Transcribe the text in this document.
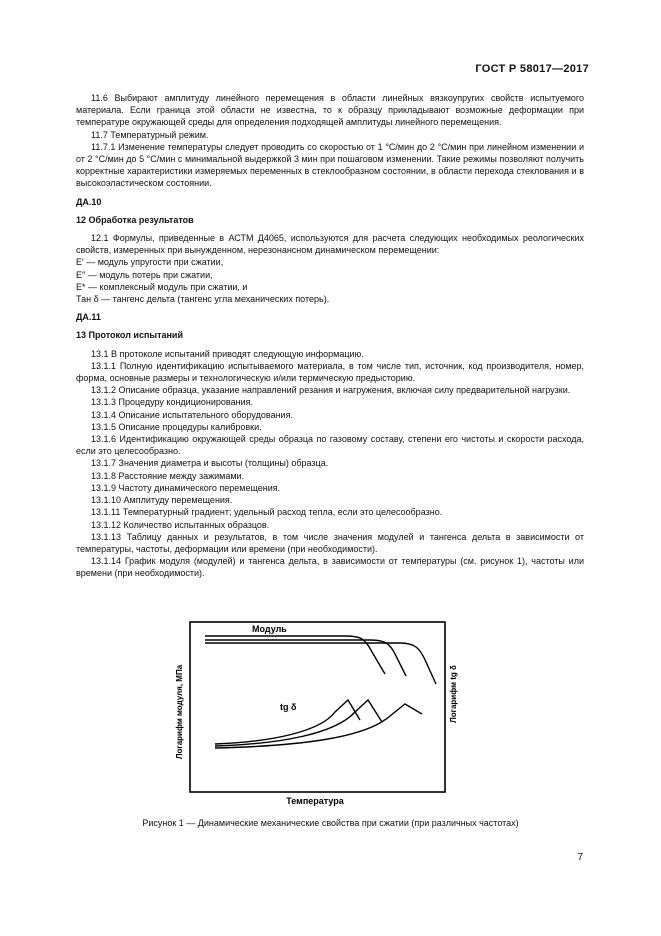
ГОСТ Р 58017—2017

11.6 Выбирают амплитуду линейного перемещения в области линейных вязкоупругих свойств испытуемого материала. Если граница этой области не известна, то к образцу прикладывают возможные деформации при температуре окружающей среды для определения подходящей амплитуды линейного перемещения.

11.7 Температурный режим.

11.7.1 Изменение температуры следует проводить со скоростью от 1 °С/мин до 2 °С/мин при линейном изменении и от 2 °С/мин до 5 °С/мин с минимальной выдержкой 3 мин при пошаговом изменении. Такие режимы позволяют получить корректные характеристики измеряемых переменных в стеклообразном состоянии, в области перехода стеклования и в высокоэластическом состоянии.

ДА.10

12 Обработка результатов

12.1 Формулы, приведенные в АСТМ Д4065, используются для расчета следующих необходимых реологических свойств, измеренных при вынужденном, нерезонансном динамическом перемещении:

E′ — модуль упругости при сжатии,

E″ — модуль потерь при сжатии,

E* — комплексный модуль при сжатии, и

Тан δ — тангенс дельта (тангенс угла механических потерь).

ДА.11

13 Протокол испытаний

13.1 В протоколе испытаний приводят следующую информацию.

13.1.1 Полную идентификацию испытываемого материала, в том числе тип, источник, код производителя, номер, форма, основные размеры и технологическую и/или термическую предысторию.

13.1.2 Описание образца, указание направлений резания и нагружения, включая силу предварительной нагрузки.

13.1.3 Процедуру кондиционирования.

13.1.4 Описание испытательного оборудования.

13.1.5 Описание процедуры калибровки.

13.1.6 Идентификацию окружающей среды образца по газовому составу, степени его чистоты и скорости расхода, если это целесообразно.

13.1.7 Значения диаметра и высоты (толщины) образца.

13.1.8 Расстояние между зажимами.

13.1.9 Частоту динамического перемещения.

13.1.10 Амплитуду перемещения.

13.1.11 Температурный градиент; удельный расход тепла, если это целесообразно.

13.1.12 Количество испытанных образцов.

13.1.13 Таблицу данных и результатов, в том числе значения модулей и тангенса дельта в зависимости от температуры, частоты, деформации или времени (при необходимости).

13.1.14 График модуля (модулей) и тангенса дельта, в зависимости от температуры (см. рисунок 1), частоты или времени (при необходимости).

Модуль
tg δ
Логарифм модуля, МПа	Логарифм tg δ
Температура
Рисунок 1 — Динамические механические свойства при сжатии (при различных частотах)
7
